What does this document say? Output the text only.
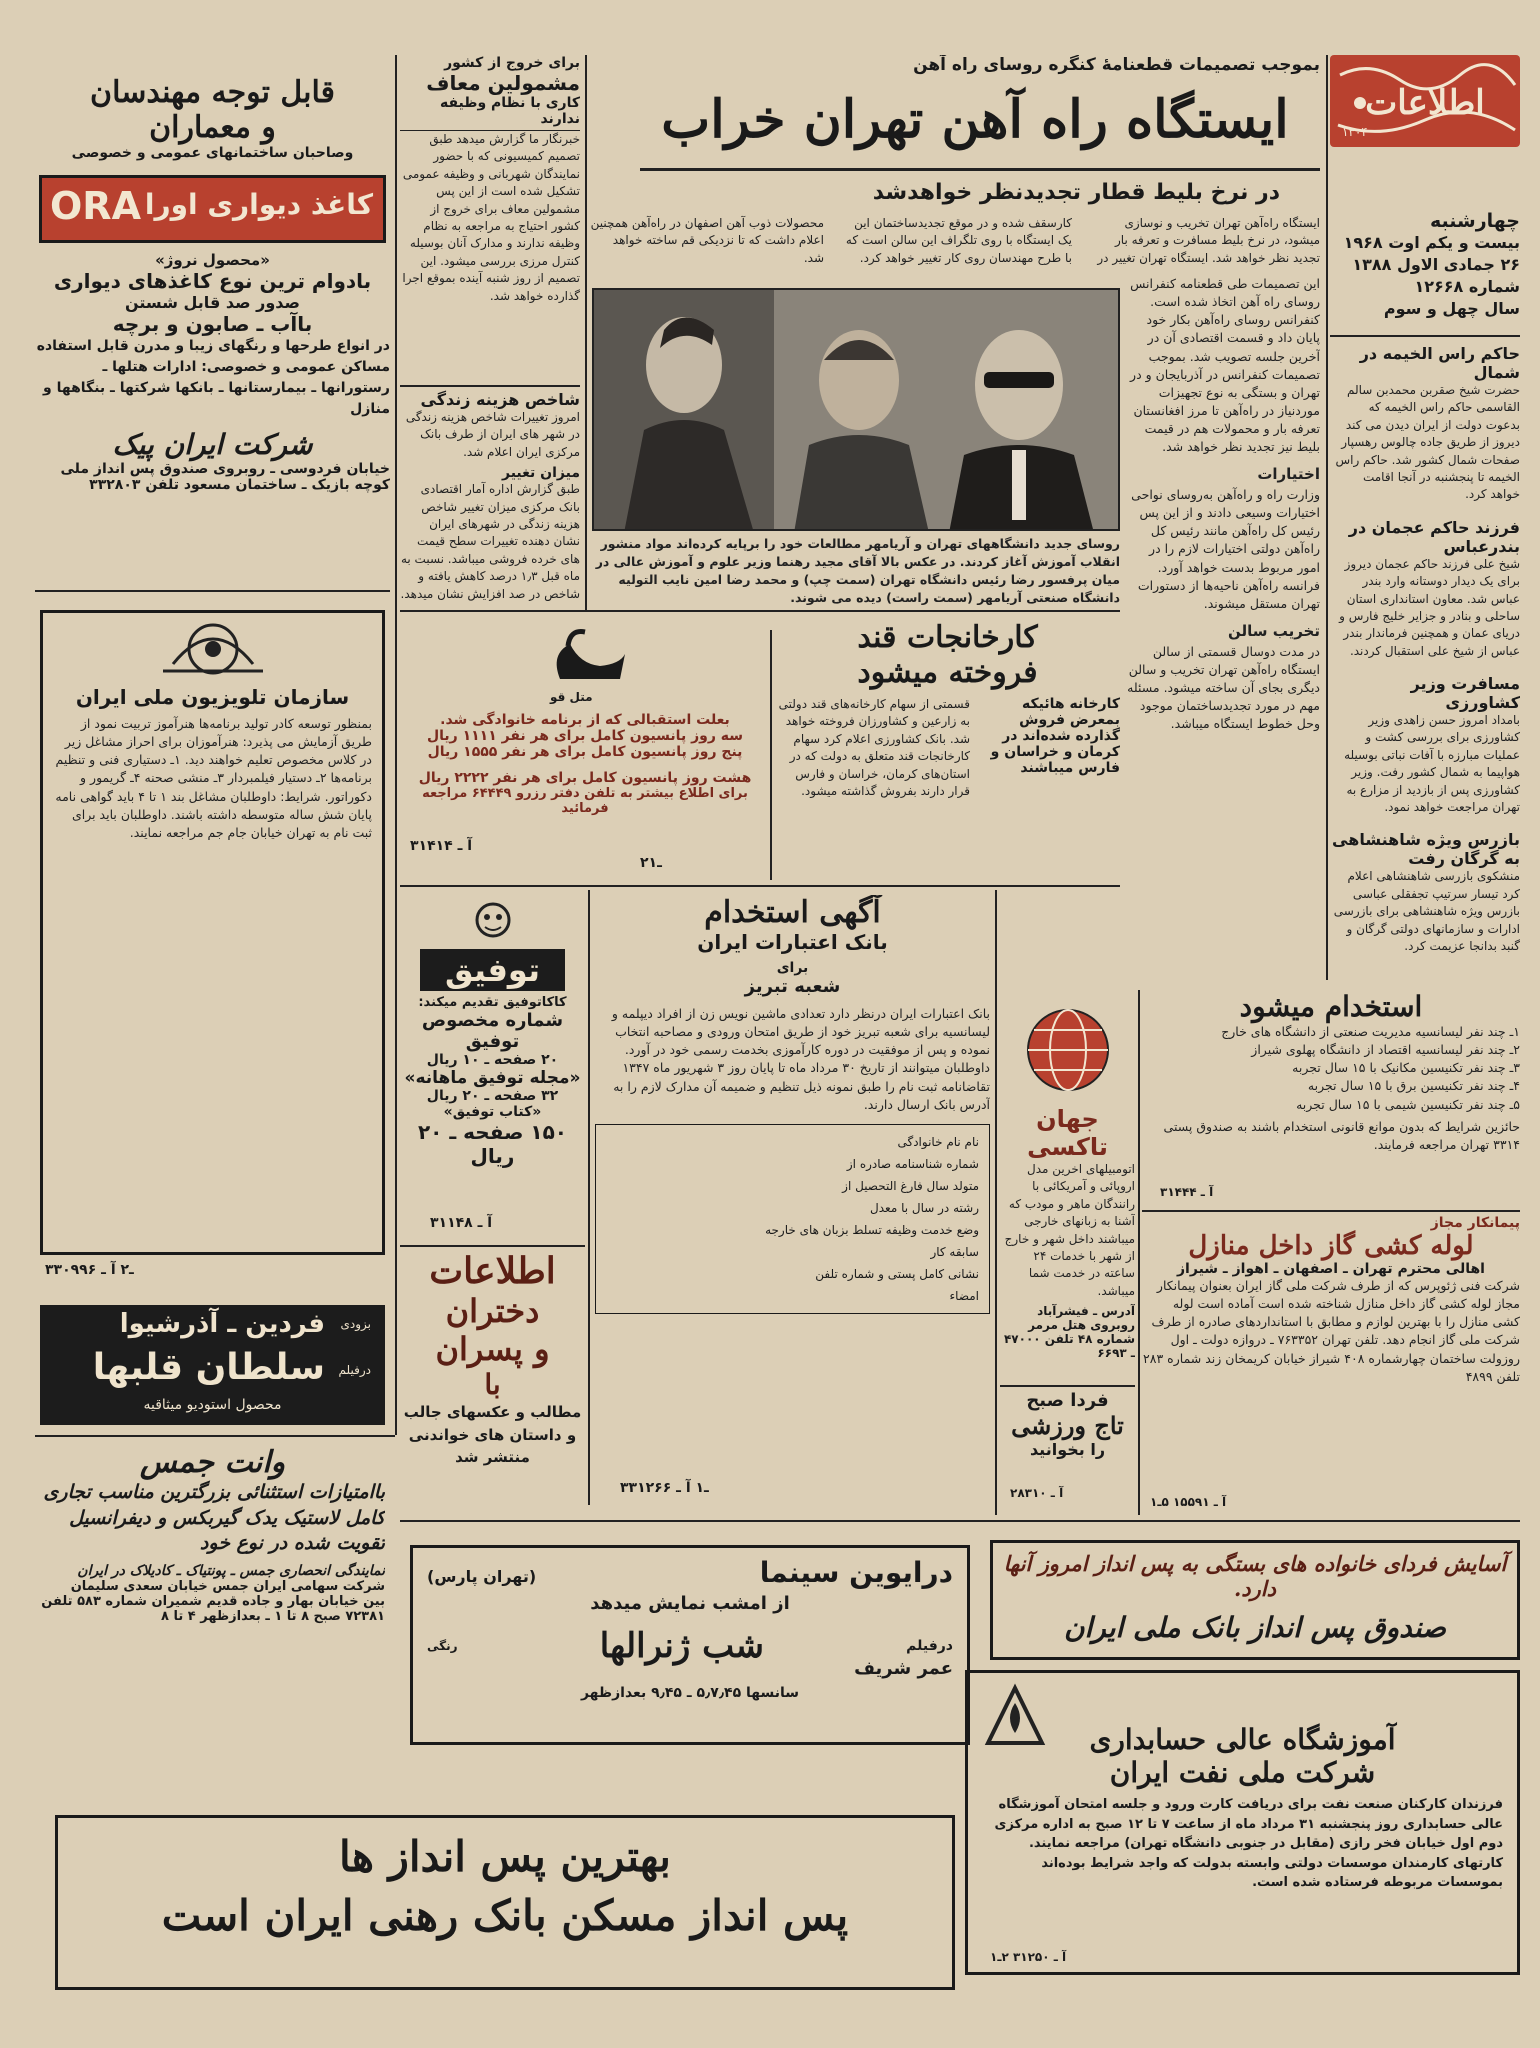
اطلاعات
۱۳۰۴
چهارشنبه
بیست و یکم اوت ۱۹۶۸
۲۶ جمادی الاول ۱۳۸۸
شماره ۱۲۶۶۸
سال چهل و سوم
حاکم راس الخیمه در شمال
حضرت شیخ صقربن محمدبن سالم القاسمی حاکم راس الخیمه که بدعوت دولت از ایران دیدن می کند دیروز از طریق جاده چالوس رهسپار صفحات شمال کشور شد. حاکم راس الخیمه تا پنجشنبه در آنجا اقامت خواهد کرد.
فرزند حاکم عجمان در بندرعباس
شیخ علی فرزند حاکم عجمان دیروز برای یک دیدار دوستانه وارد بندر عباس شد. معاون استانداری استان ساحلی و بنادر و جزایر خلیج فارس و دریای عمان و همچنین فرماندار بندر عباس از شیخ علی استقبال کردند.
مسافرت وزیر کشاورزی
بامداد امروز حسن زاهدی وزیر کشاورزی برای بررسی کشت و عملیات مبارزه با آفات نباتی بوسیله هواپیما به شمال کشور رفت. وزیر کشاورزی پس از بازدید از مزارع به تهران مراجعت خواهد نمود.
بازرس ویژه شاهنشاهی به گرگان رفت
منشکوی بازرسی شاهنشاهی اعلام کرد تیسار سرتیپ تجفقلی عباسی بازرس ویژه شاهنشاهی برای بازرسی ادارات و سازمانهای دولتی گرگان و گنبد بدانجا عزیمت کرد.
بموجب تصمیمات قطعنامهٔ کنگره روسای راه آهن
ایستگاه راه آهن تهران خراب
در نرخ بلیط قطار تجدیدنظر خواهدشد
ایستگاه راه‌آهن تهران تخریب و نوسازی میشود، در نرخ بلیط مسافرت و تعرفه بار تجدید نظر خواهد شد. ایستگاه تهران تغییر در کارسقف شده و در موقع تجدیدساختمان این یک ایستگاه با روی تلگراف این سالن است که با طرح مهندسان روی کار تغییر خواهد کرد. محصولات ذوب آهن اصفهان در راه‌آهن همچنین اعلام داشت که تا نزدیکی قم ساخته خواهد شد.
این تصمیمات طی قطعنامه کنفرانس روسای راه آهن اتخاذ شده است. کنفرانس روسای راه‌آهن بکار خود پایان داد و قسمت اقتصادی آن در آخرین جلسه تصویب شد. بموجب تصمیمات کنفرانس در آذربایجان و در تهران و بستگی به نوع تجهیزات موردنیاز در راه‌آهن تا مرز افغانستان تعرفه بار و محمولات هم در قیمت بلیط نیز تجدید نظر خواهد شد.
اختیارات
وزارت راه و راه‌آهن به‌روسای نواحی اختیارات وسیعی دادند و از این پس رئیس کل راه‌آهن مانند رئیس کل راه‌آهن دولتی اختیارات لازم را در امور مربوط بدست خواهد آورد. فرانسه راه‌آهن ناحیه‌ها از دستورات تهران مستقل میشوند.
تخریب سالن
در مدت دوسال قسمتی از سالن ایستگاه راه‌آهن تهران تخریب و سالن دیگری بجای آن ساخته میشود. مسئله مهم در مورد تجدیدساختمان موجود وحل خطوط ایستگاه میباشد.
روسای جدید دانشگاههای تهران و آریامهر مطالعات خود را برپایه کرده‌اند مواد منشور انقلاب آموزش آغاز کردند. در عکس بالا آقای مجید رهنما وزیر علوم و آموزش عالی در میان پرفسور رضا رئیس دانشگاه تهران (سمت چپ) و محمد رضا امین نایب التولیه دانشگاه صنعتی آریامهر (سمت راست) دیده می شوند.
برای خروج از کشور
مشمولین معاف
کاری با نظام وظیفه ندارند
خبرنگار ما گزارش میدهد طبق تصمیم کمیسیونی که با حضور نمایندگان شهربانی و وظیفه عمومی تشکیل شده است از این پس مشمولین معاف برای خروج از کشور احتیاج به مراجعه به نظام وظیفه ندارند و مدارک آنان بوسیله کنترل مرزی بررسی میشود. این تصمیم از روز شنبه آینده بموقع اجرا گذارده خواهد شد.
شاخص هزینه زندگی
امروز تغییرات شاخص هزینه زندگی در شهر های ایران از طرف بانک مرکزی ایران اعلام شد.
میزان تغییر
طبق گزارش اداره آمار اقتصادی بانک مرکزی میزان تغییر شاخص هزینه زندگی در شهرهای ایران نشان دهنده تغییرات سطح قیمت های خرده فروشی میباشد. نسبت به ماه قبل ۱٫۳ درصد کاهش یافته و شاخص در صد افزایش نشان میدهد.
قابل توجه مهندسان
و معماران
وصاحبان ساختمانهای عمومی و خصوصی
ORA کاغذ دیواری اورا
«محصول نروژ»
بادوام ترین نوع کاغذهای دیواری
صدور صد قابل شستن
باآب ـ صابون و برچه
در انواع طرحها و رنگهای زیبا و مدرن قابل استفاده مساکن عمومی و خصوصی: ادارات هتلها ـ رستورانها ـ بیمارستانها ـ بانکها شرکتها ـ بنگاهها و منازل
شرکت ایران پیک
خیابان فردوسی ـ روبروی صندوق پس انداز ملی کوچه بازیک ـ ساختمان مسعود تلفن ۳۳۲۸۰۳
سازمان تلویزیون ملی ایران
بمنظور توسعه کادر تولید برنامه‌ها هنرآموز تربیت نمود از طریق آزمایش می پذیرد: هنرآموزان برای احراز مشاغل زیر در کلاس مخصوص تعلیم خواهند دید. ۱ـ دستیاری فنی و تنظیم برنامه‌ها ۲ـ دستیار فیلمبردار ۳ـ منشی صحنه ۴ـ گریمور و دکوراتور. شرایط: داوطلبان مشاغل بند ۱ تا ۴ باید گواهی نامه پایان شش ساله متوسطه داشته باشند. داوطلبان باید برای ثبت نام به تهران خیابان جام جم مراجعه نمایند.
۳ـ۲ آ ـ ۳۰۹۹۶
بزودی
فردین ـ آذرشیوا
درفیلم
سلطان قلبها
محصول استودیو میثاقیه
وانت جمس
باامتیازات استثنائی بزرگترین مناسب تجاری کامل لاستیک یدک گیربکس و دیفرانسیل تقویت شده در نوع خود
نمایندگی انحصاری جمس ـ پونتیاک ـ کادیلاک در ایران
شرکت سهامی ایران جمس خیابان سعدی سلیمان
بین خیابان بهار و جاده قدیم شمیران شماره ۵۸۳ تلفن ۷۲۳۸۱ صبح ۸ تا ۱ ـ بعدازظهر ۴ تا ۸
متل قو
بعلت استقبالی که از برنامه خانوادگی شد.
سه روز پانسیون کامل برای هر نفر ۱۱۱۱ ریال
پنج روز پانسیون کامل برای هر نفر ۱۵۵۵ ریال
هشت روز پانسیون کامل برای هر نفر ۲۲۲۲ ریال
برای اطلاع بیشتر به تلفن دفتر رزرو ۶۴۴۴۹ مراجعه فرمائید
آ ـ ۳۱۴۱۴
کارخانجات قند
فروخته میشود
کارخانه هائیکه بمعرض فروش گذارده شده‌اند در کرمان و خراسان و فارس میباشند
قسمتی از سهام کارخانه‌های قند دولتی به زارعین و کشاورزان فروخته خواهد شد. بانک کشاورزی اعلام کرد سهام کارخانجات قند متعلق به دولت که در استان‌های کرمان، خراسان و فارس قرار دارند بفروش گذاشته میشود.
۲ـ۱
توفیق
کاکاتوفیق تقدیم میکند:
شماره مخصوص
توفیق
۲۰ صفحه ـ ۱۰ ریال
«مجله توفیق ماهانه»
۳۲ صفحه ـ ۲۰ ریال
«کتاب توفیق»
۱۵۰ صفحه ـ ۲۰ ریال
آ ـ ۳۱۱۴۸
اطلاعات
دختران
و پسران
با
مطالب و عکسهای جالب و داستان های خواندنی منتشر شد
آگهی استخدام
بانک اعتبارات ایران
برای
شعبه تبریز
بانک اعتبارات ایران درنظر دارد تعدادی ماشین نویس زن از افراد دیپلمه و لیسانسیه برای شعبه تبریز خود از طریق امتحان ورودی و مصاحبه انتخاب نموده و پس از موفقیت در دوره کارآموزی بخدمت رسمی خود در آورد. داوطلبان میتوانند از تاریخ ۳۰ مرداد ماه تا پایان روز ۳ شهریور ماه ۱۳۴۷ تقاضانامه ثبت نام را طبق نمونه ذیل تنظیم و ضمیمه آن مدارک لازم را به آدرس بانک ارسال دارند.
نام نام خانوادگی
شماره شناسنامه صادره از
متولد سال فارغ التحصیل از
رشته در سال با معدل
وضع خدمت وظیفه تسلط بزبان های خارجه
سابقه کار
نشانی کامل پستی و شماره تلفن
امضاء
۳ـ۱ آ ـ ۳۱۲۶۶
جهان تاکسی
اتومبیلهای اخرین مدل اروپائی و آمریکائی با رانندگان ماهر و مودب که آشنا به زبانهای خارجی میباشند داخل شهر و خارج از شهر با خدمات ۲۴ ساعته در خدمت شما میباشد.
آدرس ـ فیشرآباد روبروی هتل مرمر شماره ۴۸ تلفن ۴۷۰۰۰ ـ ۶۶۹۳
فردا صبح
تاج ورزشی
را بخوانید
آ ـ ۲۸۳۱۰
استخدام میشود
۱ـ چند نفر لیسانسیه مدیریت صنعتی از دانشگاه های خارج
۲ـ چند نفر لیسانسیه اقتصاد از دانشگاه پهلوی شیراز
۳ـ چند نفر تکنیسین مکانیک با ۱۵ سال تجربه
۴ـ چند نفر تکنیسین برق با ۱۵ سال تجربه
۵ـ چند نفر تکنیسین شیمی با ۱۵ سال تجربه
حائزین شرایط که بدون موانع قانونی استخدام باشند به صندوق پستی ۳۳۱۴ تهران مراجعه فرمایند.
آ ـ ۳۱۴۴۴
پیمانکار مجاز
لوله کشی گاز داخل منازل
اهالی محترم تهران ـ اصفهان ـ اهواز ـ شیراز
شرکت فنی ژئوپرس که از طرف شرکت ملی گاز ایران بعنوان پیمانکار مجاز لوله کشی گاز داخل منازل شناخته شده است آماده است لوله کشی منازل را با بهترین لوازم و مطابق با استانداردهای صادره از طرف شرکت ملی گاز انجام دهد. تلفن تهران ۷۶۳۳۵۲ ـ دروازه دولت ـ اول روزولت ساختمان چهارشماره ۴۰۸ شیراز خیابان کریمخان زند شماره ۲۸۳ تلفن ۴۸۹۹
آ ـ ۱۵۵۹۱ ۵ـ۱
آسایش فردای خانواده های بستگی به پس انداز امروز آنها دارد.
صندوق پس انداز بانک ملی ایران
درایوین سینما
(تهران پارس)
از امشب نمایش میدهد
درفیلم
شب ژنرالها
رنگی
عمر شریف
سانسها ۵٫۷٫۴۵ ـ ۹٫۴۵ بعدازظهر
آموزشگاه عالی حسابداری
شرکت ملی نفت ایران
فرزندان کارکنان صنعت نفت برای دریافت کارت ورود و جلسه امتحان آموزشگاه عالی حسابداری روز پنجشنبه ۳۱ مرداد ماه از ساعت ۷ تا ۱۲ صبح به اداره مرکزی دوم اول خیابان فخر رازی (مقابل در جنوبی دانشگاه تهران) مراجعه نمایند. کارتهای کارمندان موسسات دولتی وابسته بدولت که واجد شرایط بوده‌اند بموسسات مربوطه فرستاده شده است.
آ ـ ۳۱۲۵۰ ۲ـ۱
بهترین پس انداز ها
پس انداز مسکن بانک رهنی ایران است
